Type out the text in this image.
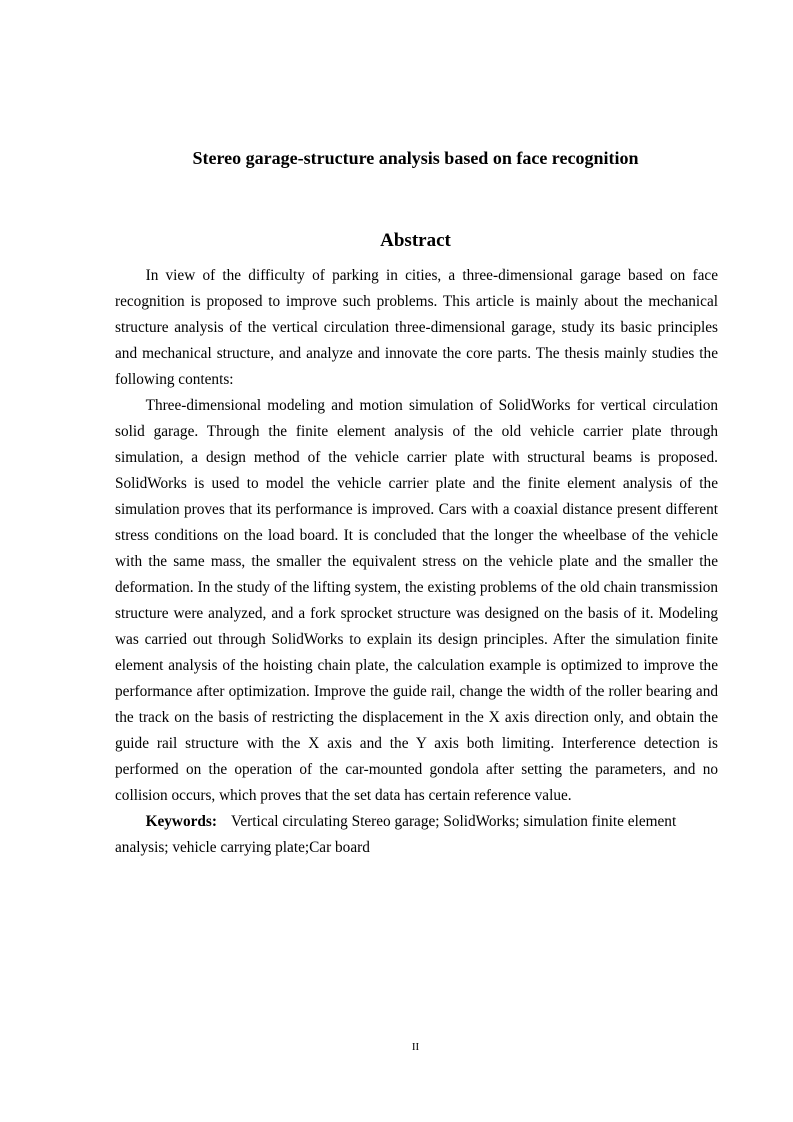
Stereo garage-structure analysis based on face recognition
Abstract

In view of the difficulty of parking in cities, a three-dimensional garage based on face recognition is proposed to improve such problems. This article is mainly about the mechanical structure analysis of the vertical circulation three-dimensional garage, study its basic principles and mechanical structure, and analyze and innovate the core parts. The thesis mainly studies the following contents:

Three-dimensional modeling and motion simulation of SolidWorks for vertical circulation solid garage. Through the finite element analysis of the old vehicle carrier plate through simulation, a design method of the vehicle carrier plate with structural beams is proposed. SolidWorks is used to model the vehicle carrier plate and the finite element analysis of the simulation proves that its performance is improved. Cars with a coaxial distance present different stress conditions on the load board. It is concluded that the longer the wheelbase of the vehicle with the same mass, the smaller the equivalent stress on the vehicle plate and the smaller the deformation. In the study of the lifting system, the existing problems of the old chain transmission structure were analyzed, and a fork sprocket structure was designed on the basis of it. Modeling was carried out through SolidWorks to explain its design principles. After the simulation finite element analysis of the hoisting chain plate, the calculation example is optimized to improve the performance after optimization. Improve the guide rail, change the width of the roller bearing and the track on the basis of restricting the displacement in the X axis direction only, and obtain the guide rail structure with the X axis and the Y axis both limiting. Interference detection is performed on the operation of the car-mounted gondola after setting the parameters, and no collision occurs, which proves that the set data has certain reference value.

Keywords: Vertical circulating Stereo garage; SolidWorks; simulation finite element
analysis; vehicle carrying plate;Car board

II
